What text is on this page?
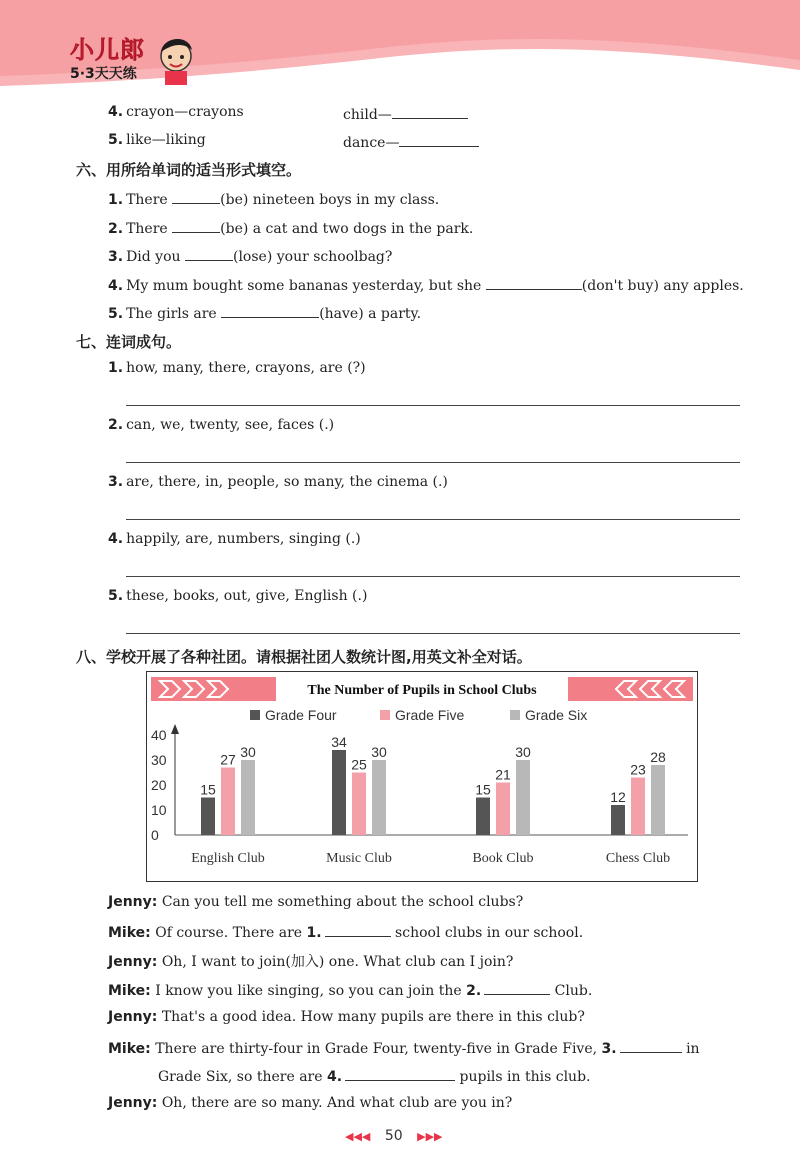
小儿郎
5·3天天练
4. crayon—crayons	child—
5. like—liking	dance—
六、用所给单词的适当形式填空。
1. There	(be) nineteen boys in my class.
2. There	(be) a cat and two dogs in the park.
3. Did you	(lose) your schoolbag?
4. My mum bought some bananas yesterday, but she	(don't buy) any apples.
5. The girls are	(have) a party.
七、连词成句。
1. how, many, there, crayons, are (?)
2. can, we, twenty, see, faces (.)
3. are, there, in, people, so many, the cinema (.)
4. happily, are, numbers, singing (.)
5. these, books, out, give, English (.)
八、学校开展了各种社团。请根据社团人数统计图,用英文补全对话。
The Number of Pupils in School Clubs
Grade Four	Grade Five	Grade Six
0
10
20
30
40
15
27 30
English Club
34
25
30
Music Club
15
21
30
Book Club
12
23
28
Chess Club
Jenny: Can you tell me something about the school clubs?
Mike: Of course. There are 1.	school clubs in our school.
Jenny: Oh, I want to join(加入) one. What club can I join?
Mike: I know you like singing, so you can join the 2.	Club.
Jenny: That's a good idea. How many pupils are there in this club?
Mike: There are thirty-four in Grade Four, twenty-five in Grade Five, 3.	in
Grade Six, so there are 4.	pupils in this club.
Jenny: Oh, there are so many. And what club are you in?
◀◀◀ 50 ▶▶▶
